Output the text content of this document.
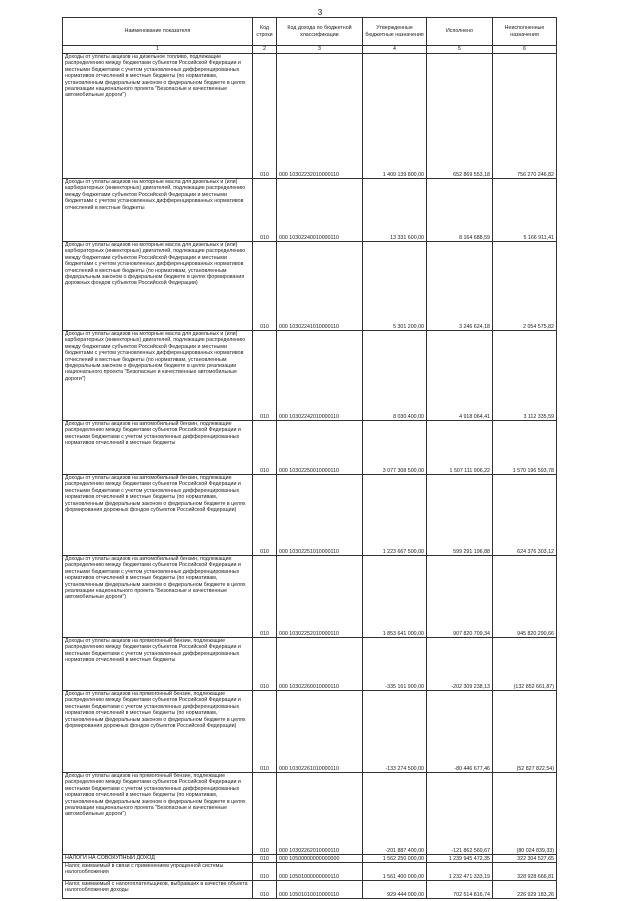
3
Наименование показателя	Код строки	Код дохода по бюджетной классификации	Утвержденные бюджетные назначения	Исполнено	Неисполненные назначения
1	2	3	4	5	6
Доходы от уплаты акцизов на дизельное топливо, подлежащие распределению между бюджетами субъектов Российской Федерации и местными бюджетами с учетом установленных дифференцированных нормативов отчислений в местные бюджеты (по нормативам, установленным федеральным законом о федеральном бюджете в целях реализации национального проекта "Безопасные и качественные автомобильные дороги")	010	000 10302232010000110	1 409 139 800,00	652 869 553,18	756 270 246,82
Доходы от уплаты акцизов на моторные масла для дизельных и (или) карбюраторных (инжекторных) двигателей, подлежащие распределению между бюджетами субъектов Российской Федерации и местными бюджетами с учетом установленных дифференцированных нормативов отчислений в местные бюджеты	010	000 10302240010000110	13 331 600,00	8 164 688,59	5 166 911,41
Доходы от уплаты акцизов на моторные масла для дизельных и (или) карбюраторных (инжекторных) двигателей, подлежащие распределению между бюджетами субъектов Российской Федерации и местными бюджетами с учетом установленных дифференцированных нормативов отчислений в местные бюджеты (по нормативам, установленным федеральным законом о федеральном бюджете в целях формирования дорожных фондов субъектов Российской Федерации)	010	000 10302241010000110	5 301 200,00	3 246 624,18	2 054 575,82
Доходы от уплаты акцизов на моторные масла для дизельных и (или) карбюраторных (инжекторных) двигателей, подлежащие распределению между бюджетами субъектов Российской Федерации и местными бюджетами с учетом установленных дифференцированных нормативов отчислений в местные бюджеты (по нормативам, установленным федеральным законом о федеральном бюджете в целях реализации национального проекта "Безопасные и качественные автомобильные дороги")	010	000 10302242010000110	8 030 400,00	4 918 064,41	3 112 335,59
Доходы от уплаты акцизов на автомобильный бензин, подлежащие распределению между бюджетами субъектов Российской Федерации и местными бюджетами с учетом установленных дифференцированных нормативов отчислений в местные бюджеты	010	000 10302250010000110	3 077 308 500,00	1 507 111 906,22	1 570 196 593,78
Доходы от уплаты акцизов на автомобильный бензин, подлежащие распределению между бюджетами субъектов Российской Федерации и местными бюджетами с учетом установленных дифференцированных нормативов отчислений в местные бюджеты (по нормативам, установленным федеральным законом о федеральном бюджете в целях формирования дорожных фондов субъектов Российской Федерации)	010	000 10302251010000110	1 223 667 500,00	599 291 196,88	624 376 303,12
Доходы от уплаты акцизов на автомобильный бензин, подлежащие распределению между бюджетами субъектов Российской Федерации и местными бюджетами с учетом установленных дифференцированных нормативов отчислений в местные бюджеты (по нормативам, установленным федеральным законом о федеральном бюджете в целях реализации национального проекта "Безопасные и качественные автомобильные дороги")	010	000 10302252010000110	1 853 641 000,00	907 820 709,34	945 820 290,66
Доходы от уплаты акцизов на прямогонный бензин, подлежащие распределению между бюджетами субъектов Российской Федерации и местными бюджетами с учетом установленных дифференцированных нормативов отчислений в местные бюджеты	010	000 10302260010000110	-335 161 900,00	-202 309 238,13	(132 852 661,87)
Доходы от уплаты акцизов на прямогонный бензин, подлежащие распределению между бюджетами субъектов Российской Федерации и местными бюджетами с учетом установленных дифференцированных нормативов отчислений в местные бюджеты (по нормативам, установленным федеральным законом о федеральном бюджете в целях формирования дорожных фондов субъектов Российской Федерации)	010	000 10302261010000110	-133 274 500,00	-80 446 677,46	(52 827 822,54)
Доходы от уплаты акцизов на прямогонный бензин, подлежащие распределению между бюджетами субъектов Российской Федерации и местными бюджетами с учетом установленных дифференцированных нормативов отчислений в местные бюджеты (по нормативам, установленным федеральным законом о федеральном бюджете в целях реализации национального проекта "Безопасные и качественные автомобильные дороги")	010	000 10302262010000110	-201 887 400,00	-121 862 560,67	(80 024 839,33)
НАЛОГИ НА СОВОКУПНЫЙ ДОХОД	010	000 10500000000000000	1 562 250 000,00	1 239 945 472,35	322 304 527,65
Налог, взимаемый в связи с применением упрощенной системы налогообложения	010	000 10501000000000110	1 561 400 000,00	1 232 471 333,19	328 928 666,81
Налог, взимаемый с налогоплательщиков, выбравших в качестве объекта налогообложения доходы	010	000 10501010010000110	929 444 000,00	702 514 816,74	226 929 183,26
